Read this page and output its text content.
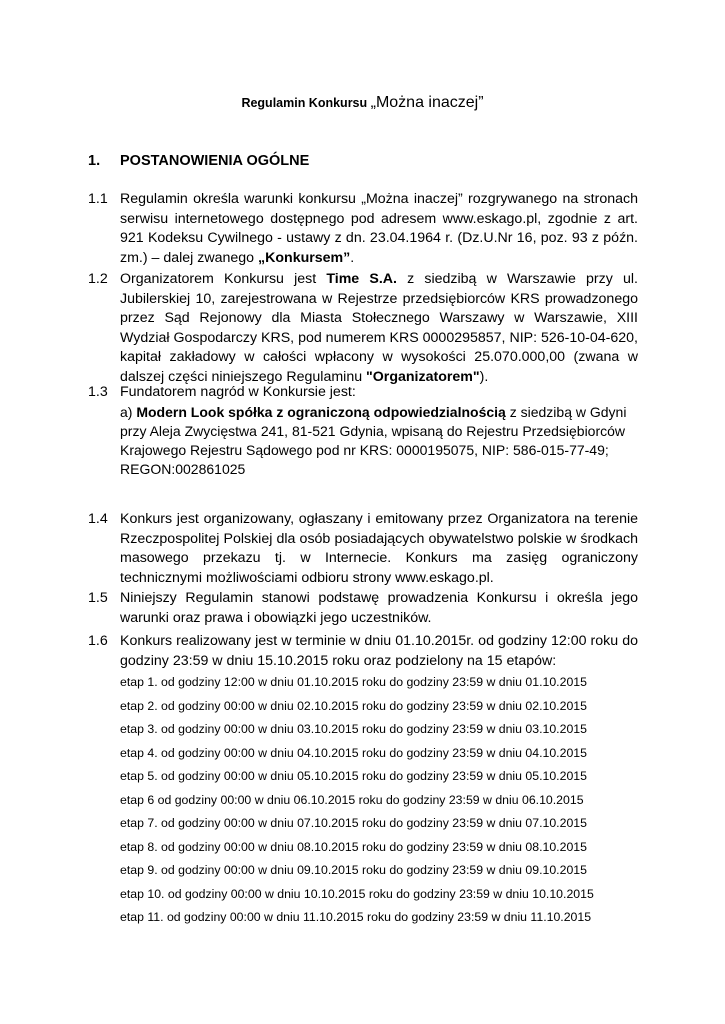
Regulamin Konkursu „Można inaczej”
1. POSTANOWIENIA OGÓLNE
1.1 Regulamin określa warunki konkursu „Można inaczej” rozgrywanego na stronach serwisu internetowego dostępnego pod adresem www.eskago.pl, zgodnie z art. 921 Kodeksu Cywilnego - ustawy z dn. 23.04.1964 r. (Dz.U.Nr 16, poz. 93 z późn. zm.) – dalej zwanego „Konkursem”.
1.2 Organizatorem Konkursu jest Time S.A. z siedzibą w Warszawie przy ul. Jubilerskiej 10, zarejestrowana w Rejestrze przedsiębiorców KRS prowadzonego przez Sąd Rejonowy dla Miasta Stołecznego Warszawy w Warszawie, XIII Wydział Gospodarczy KRS, pod numerem KRS 0000295857, NIP: 526-10-04-620, kapitał zakładowy w całości wpłacony w wysokości 25.070.000,00 (zwana w dalszej części niniejszego Regulaminu "Organizatorem").
1.3 Fundatorem nagród w Konkursie jest:
a) Modern Look spółka z ograniczoną odpowiedzialnością z siedzibą w Gdyni przy Aleja Zwycięstwa 241, 81-521 Gdynia, wpisaną do Rejestru Przedsiębiorców Krajowego Rejestru Sądowego pod nr KRS: 0000195075, NIP: 586-015-77-49; REGON:002861025
1.4 Konkurs jest organizowany, ogłaszany i emitowany przez Organizatora na terenie Rzeczpospolitej Polskiej dla osób posiadających obywatelstwo polskie w środkach masowego przekazu tj. w Internecie. Konkurs ma zasięg ograniczony technicznymi możliwościami odbioru strony www.eskago.pl.
1.5 Niniejszy Regulamin stanowi podstawę prowadzenia Konkursu i określa jego warunki oraz prawa i obowiązki jego uczestników.
1.6 Konkurs realizowany jest w terminie w dniu 01.10.2015r. od godziny 12:00 roku do godziny 23:59 w dniu 15.10.2015 roku oraz podzielony na 15 etapów:
etap 1. od godziny 12:00 w dniu 01.10.2015 roku do godziny 23:59 w dniu 01.10.2015
etap 2. od godziny 00:00 w dniu 02.10.2015 roku do godziny 23:59 w dniu 02.10.2015
etap 3. od godziny 00:00 w dniu 03.10.2015 roku do godziny 23:59 w dniu 03.10.2015
etap 4. od godziny 00:00 w dniu 04.10.2015 roku do godziny 23:59 w dniu 04.10.2015
etap 5. od godziny 00:00 w dniu 05.10.2015 roku do godziny 23:59 w dniu 05.10.2015
etap 6 od godziny 00:00 w dniu 06.10.2015 roku do godziny 23:59 w dniu 06.10.2015
etap 7. od godziny 00:00 w dniu 07.10.2015 roku do godziny 23:59 w dniu 07.10.2015
etap 8. od godziny 00:00 w dniu 08.10.2015 roku do godziny 23:59 w dniu 08.10.2015
etap 9. od godziny 00:00 w dniu 09.10.2015 roku do godziny 23:59 w dniu 09.10.2015
etap 10. od godziny 00:00 w dniu 10.10.2015 roku do godziny 23:59 w dniu 10.10.2015
etap 11. od godziny 00:00 w dniu 11.10.2015 roku do godziny 23:59 w dniu 11.10.2015
